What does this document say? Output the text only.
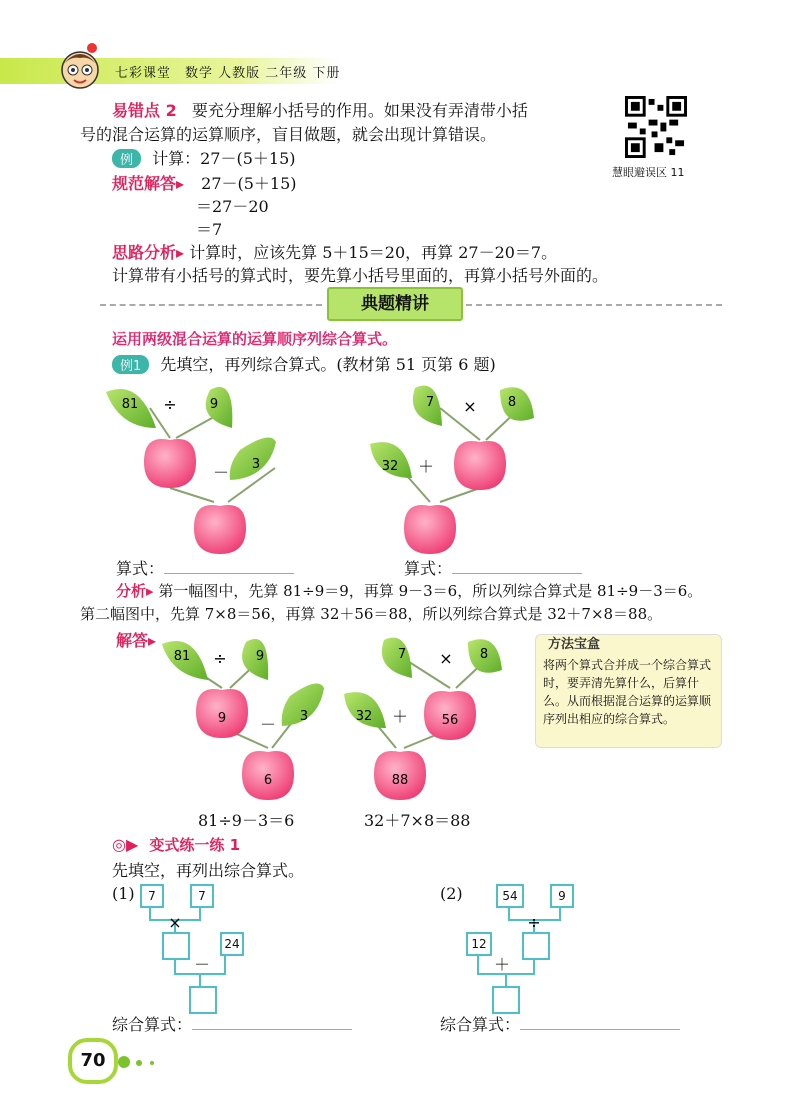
七彩课堂　数学 人教版 二年级 下册
易错点 2 要充分理解小括号的作用。如果没有弄清带小括
号的混合运算的运算顺序，盲目做题，就会出现计算错误。
例 计算：27－(5＋15)
规范解答▸ 27－(5＋15)
＝27－20
＝7
思路分析▸ 计算时，应该先算 5＋15＝20，再算 27－20＝7。
计算带有小括号的算式时，要先算小括号里面的，再算小括号外面的。
慧眼避误区 11
典题精讲
运用两级混合运算的运算顺序列综合算式。
例1 先填空，再列综合算式。(教材第 51 页第 6 题)
81 ÷	9
－ 3
7 × 8
＋
32
算式：	算式：
分析▸ 第一幅图中，先算 81÷9＝9，再算 9－3＝6，所以列综合算式是 81÷9－3＝6。
第二幅图中，先算 7×8＝56，再算 32＋56＝88，所以列综合算式是 32＋7×8＝88。
解答▸
81 ÷ 9
－ 3
9
6
7 × 8
＋
32	56
88
81÷9－3＝6	32＋7×8＝88
方法宝盒
将两个算式合并成一个综合算式时，要弄清先算什么，后算什么。从而根据混合运算的运算顺序列出相应的综合算式。
◎▶ 变式练一练 1
先填空，再列出综合算式。
(1)
×
－
7	7
24
(2)
÷
＋
54	9
12
综合算式：	综合算式：
70
